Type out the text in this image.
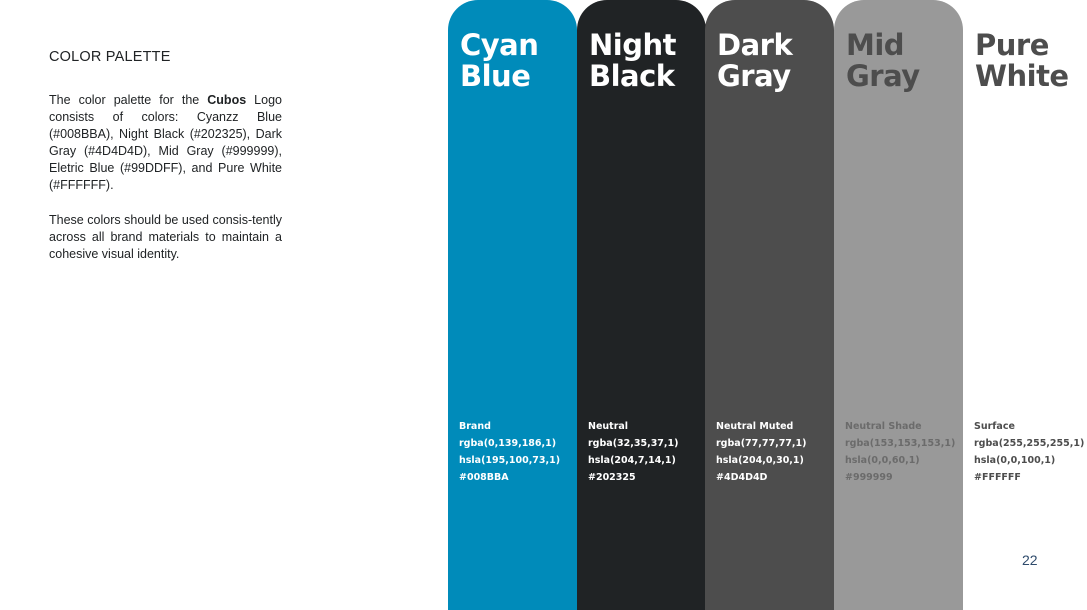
COLOR PALETTE
The color palette for the Cubos Logo consists of colors: Cyanzz Blue (#008BBA), Night Black (#202325), Dark Gray (#4D4D4D), Mid Gray (#999999), Eletric Blue (#99DDFF), and Pure White (#FFFFFF).
These colors should be used consis-tently across all brand materials to maintain a cohesive visual identity.
Cyan
Blue
Brand
rgba(0,139,186,1)
hsla(195,100,73,1)
#008BBA
Night
Black
Neutral
rgba(32,35,37,1)
hsla(204,7,14,1)
#202325
Dark
Gray
Neutral Muted
rgba(77,77,77,1)
hsla(204,0,30,1)
#4D4D4D
Mid
Gray
Neutral Shade
rgba(153,153,153,1)
hsla(0,0,60,1)
#999999
Pure
White
Surface
rgba(255,255,255,1)
hsla(0,0,100,1)
#FFFFFF
22
